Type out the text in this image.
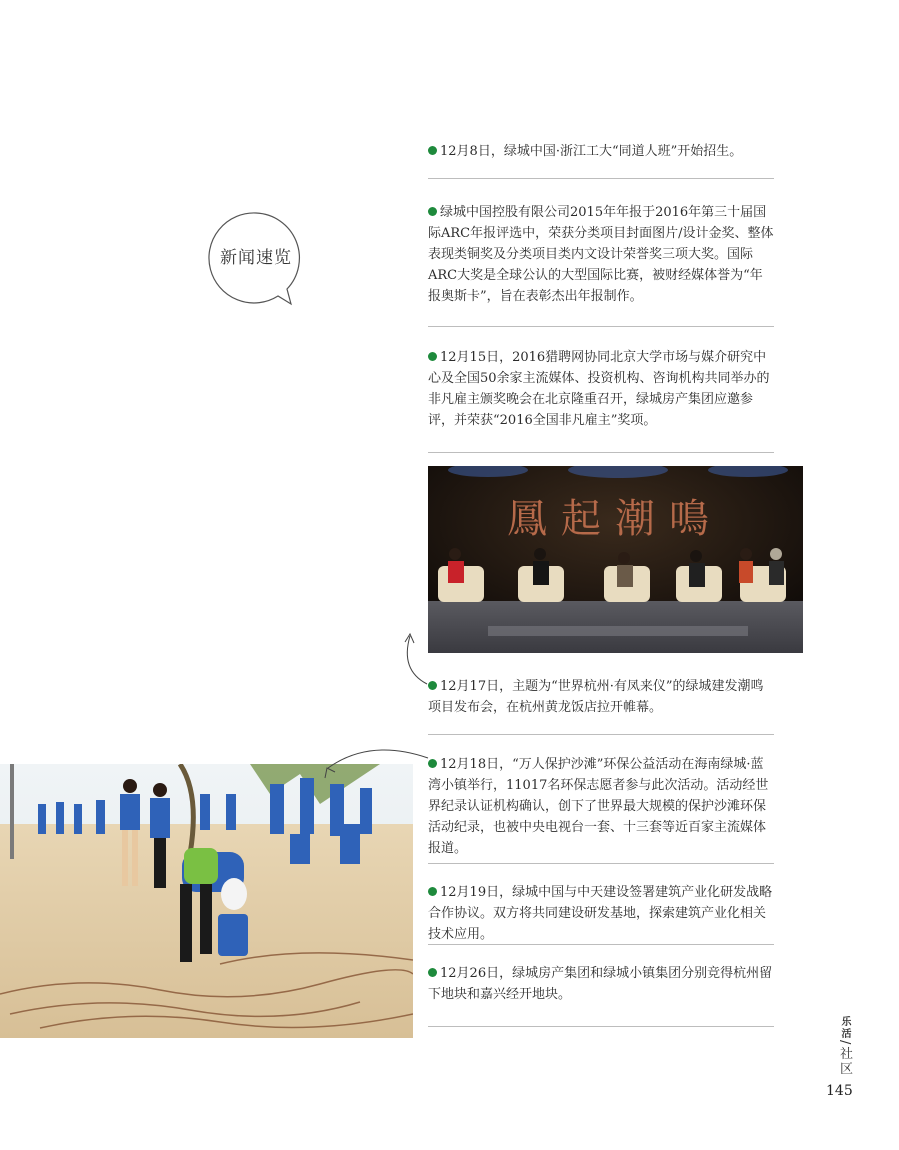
新闻速览
12月8日，绿城中国·浙江工大“同道人班”开始招生。
绿城中国控股有限公司2015年年报于2016年第三十届国际ARC年报评选中，荣获分类项目封面图片/设计金奖、整体表现类铜奖及分类项目类内文设计荣誉奖三项大奖。国际ARC大奖是全球公认的大型国际比赛，被财经媒体誉为“年报奥斯卡”，旨在表彰杰出年报制作。
12月15日，2016猎聘网协同北京大学市场与媒介研究中心及全国50余家主流媒体、投资机构、咨询机构共同举办的非凡雇主颁奖晚会在北京隆重召开，绿城房产集团应邀参评，并荣获“2016全国非凡雇主”奖项。
12月17日，主题为“世界杭州·有凤来仪”的绿城建发潮鸣项目发布会，在杭州黄龙饭店拉开帷幕。
12月18日，“万人保护沙滩”环保公益活动在海南绿城·蓝湾小镇举行，11017名环保志愿者参与此次活动。活动经世界纪录认证机构确认，创下了世界最大规模的保护沙滩环保活动纪录，也被中央电视台一套、十三套等近百家主流媒体报道。
12月19日，绿城中国与中天建设签署建筑产业化研发战略合作协议。双方将共同建设研发基地，探索建筑产业化相关技术应用。
12月26日，绿城房产集团和绿城小镇集团分别竞得杭州留下地块和嘉兴经开地块。
鳳起潮鳴
乐活/社区
145
